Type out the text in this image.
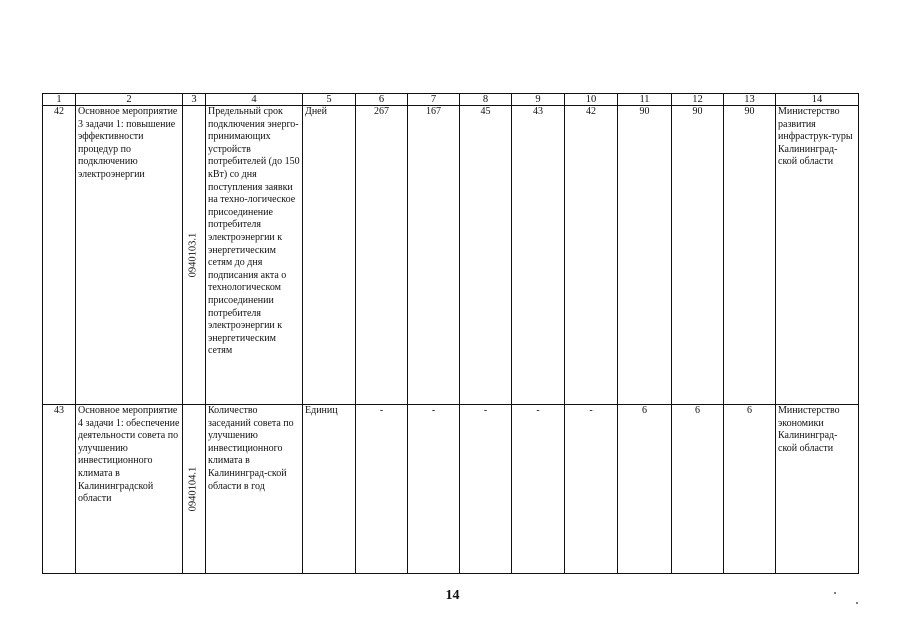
1	2	3	4	5	6	7	8	9	10	11	12	13	14
42	Основное мероприятие 3 задачи 1: повышение эффективности процедур по подключению электроэнергии	0940103.1	Предельный срок подключения энерго-принимающих устройств потребителей (до 150 кВт) со дня поступления заявки на техно-логическое присоединение потребителя электроэнергии к энергетическим сетям до дня подписания акта о технологическом присоединении потребителя электроэнергии к энергетическим сетям	Дней	267	167	45	43	42	90	90	90	Министерство развития инфраструк-туры Калининград-ской области
43	Основное мероприятие 4 задачи 1: обеспечение деятельности совета по улучшению инвестиционного климата в Калининградской области	0940104.1	Количество заседаний совета по улучшению инвестиционного климата в Калининград-ской области в год	Единиц	-	-	-	-	-	6	6	6	Министерство экономики Калининград-ской области
14
